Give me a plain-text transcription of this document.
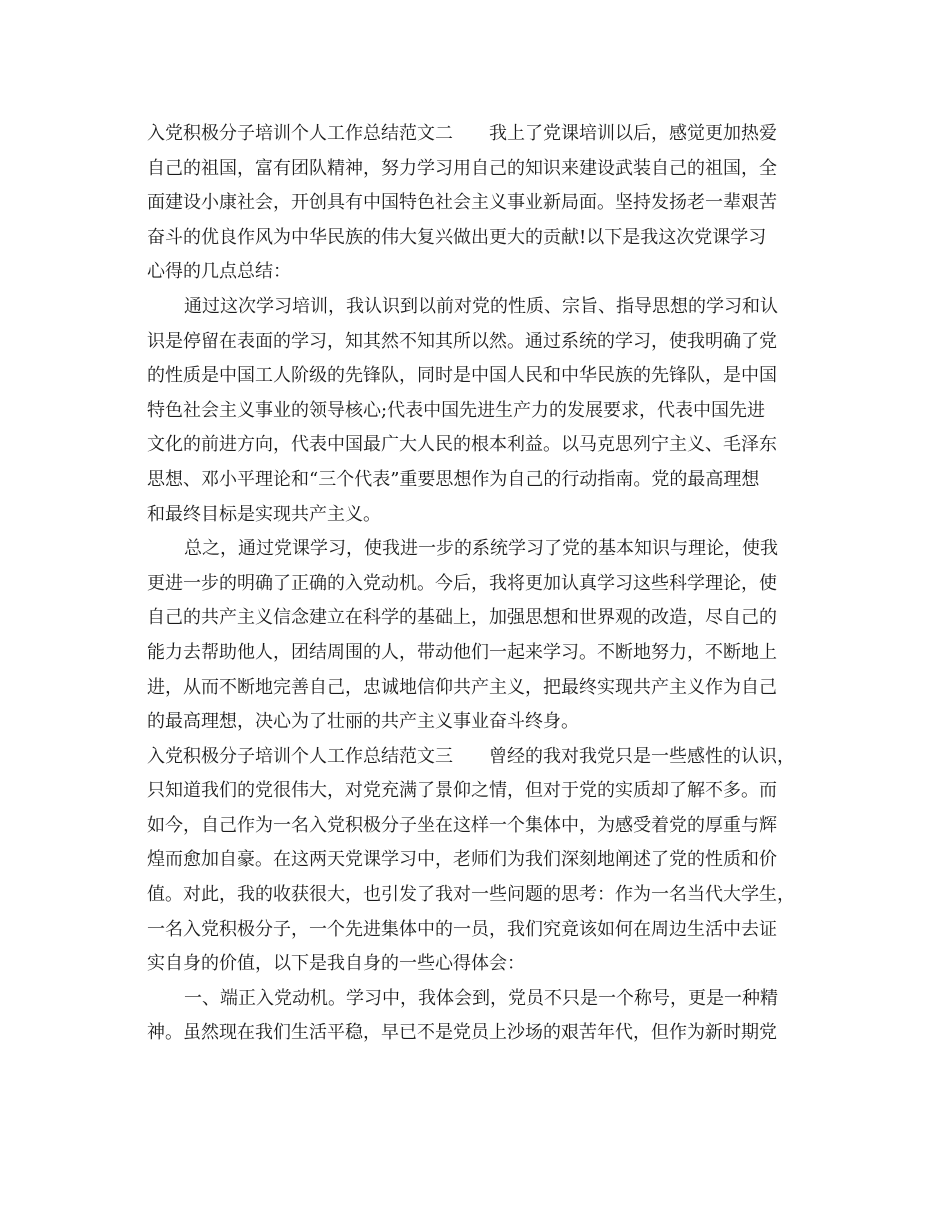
入党积极分子培训个人工作总结范文二　　我上了党课培训以后，感觉更加热爱
自己的祖国，富有团队精神，努力学习用自己的知识来建设武装自己的祖国，全
面建设小康社会，开创具有中国特色社会主义事业新局面。坚持发扬老一辈艰苦
奋斗的优良作风为中华民族的伟大复兴做出更大的贡献!以下是我这次党课学习
心得的几点总结：
通过这次学习培训，我认识到以前对党的性质、宗旨、指导思想的学习和认
识是停留在表面的学习，知其然不知其所以然。通过系统的学习，使我明确了党
的性质是中国工人阶级的先锋队，同时是中国人民和中华民族的先锋队，是中国
特色社会主义事业的领导核心;代表中国先进生产力的发展要求，代表中国先进
文化的前进方向，代表中国最广大人民的根本利益。以马克思列宁主义、毛泽东
思想、邓小平理论和“三个代表”重要思想作为自己的行动指南。党的最高理想
和最终目标是实现共产主义。
总之，通过党课学习，使我进一步的系统学习了党的基本知识与理论，使我
更进一步的明确了正确的入党动机。今后，我将更加认真学习这些科学理论，使
自己的共产主义信念建立在科学的基础上，加强思想和世界观的改造，尽自己的
能力去帮助他人，团结周围的人，带动他们一起来学习。不断地努力，不断地上
进，从而不断地完善自己，忠诚地信仰共产主义，把最终实现共产主义作为自己
的最高理想，决心为了壮丽的共产主义事业奋斗终身。
入党积极分子培训个人工作总结范文三　　曾经的我对我党只是一些感性的认识，
只知道我们的党很伟大，对党充满了景仰之情，但对于党的实质却了解不多。而
如今，自己作为一名入党积极分子坐在这样一个集体中，为感受着党的厚重与辉
煌而愈加自豪。在这两天党课学习中，老师们为我们深刻地阐述了党的性质和价
值。对此，我的收获很大，也引发了我对一些问题的思考：作为一名当代大学生，
一名入党积极分子，一个先进集体中的一员，我们究竟该如何在周边生活中去证
实自身的价值，以下是我自身的一些心得体会：
一、端正入党动机。学习中，我体会到，党员不只是一个称号，更是一种精
神。虽然现在我们生活平稳，早已不是党员上沙场的艰苦年代，但作为新时期党
